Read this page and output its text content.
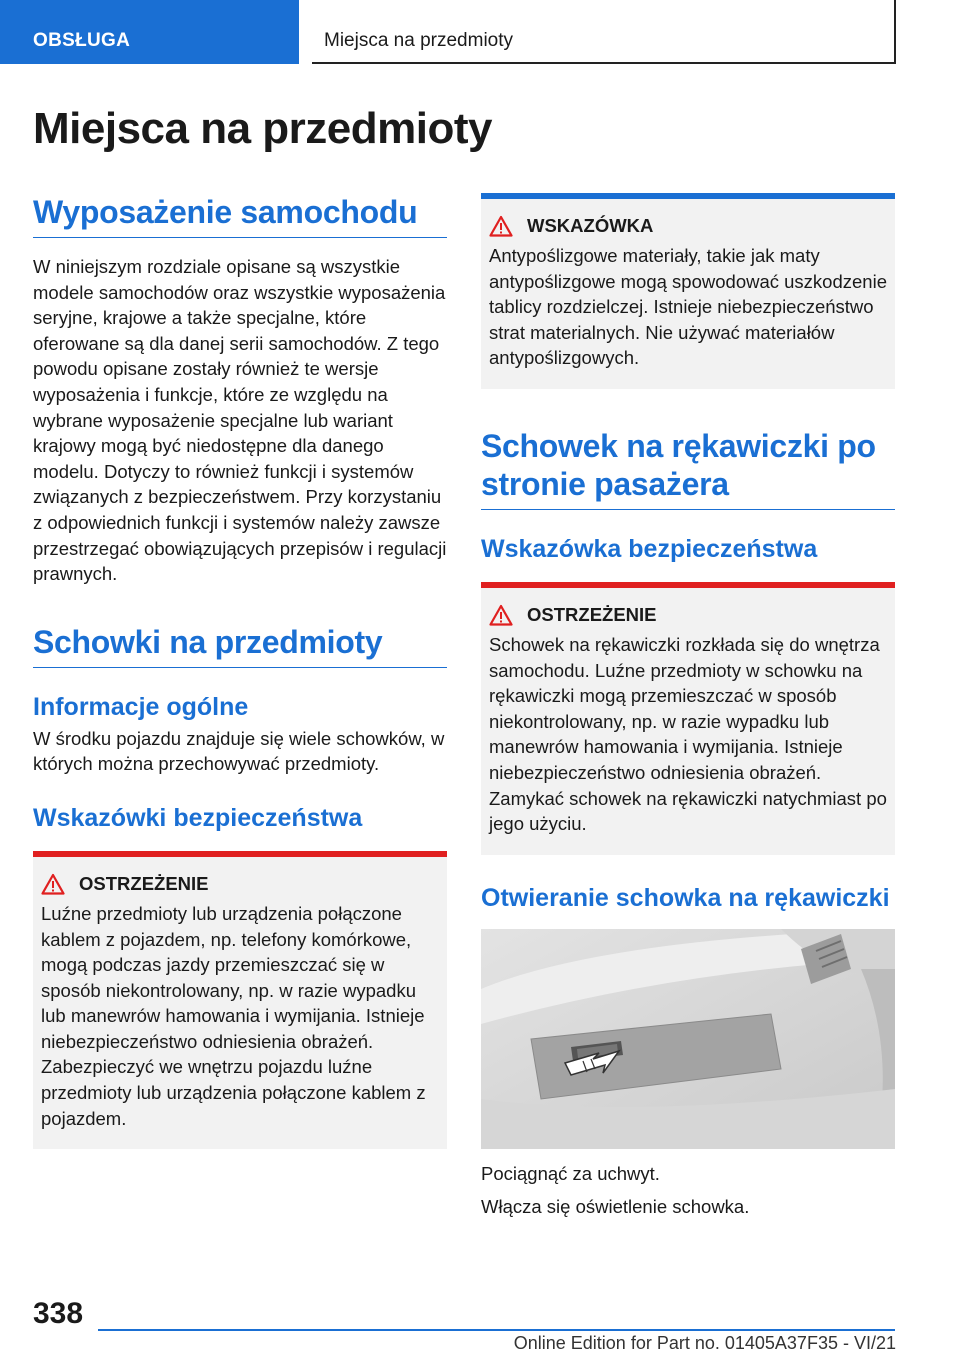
OBSŁUGA	Miejsca na przedmioty
Miejsca na przedmioty
Wyposażenie samochodu

W niniejszym rozdziale opisane są wszystkie modele samochodów oraz wszystkie wyposażenia seryjne, krajowe a także specjalne, które oferowane są dla danej serii samochodów. Z tego powodu opisane zostały również te wersje wyposażenia i funkcje, które ze względu na wybrane wyposażenie specjalne lub wariant krajowy mogą być niedostępne dla danego modelu. Dotyczy to również funkcji i systemów związanych z bezpieczeństwem. Przy korzystaniu z odpowiednich funkcji i systemów należy zawsze przestrzegać obowiązujących przepisów i regulacji prawnych.

Schowki na przedmioty
Informacje ogólne

W środku pojazdu znajduje się wiele schowków, w których można przechowywać przedmioty.

Wskazówki bezpieczeństwa
OSTRZEŻENIE

Luźne przedmioty lub urządzenia połączone kablem z pojazdem, np. telefony komórkowe, mogą podczas jazdy przemieszczać się w sposób niekontrolowany, np. w razie wypadku lub manewrów hamowania i wymijania. Istnieje niebezpieczeństwo odniesienia obrażeń. Zabezpieczyć we wnętrzu pojazdu luźne przedmioty lub urządzenia połączone kablem z pojazdem.

WSKAZÓWKA

Antypoślizgowe materiały, takie jak maty antypoślizgowe mogą spowodować uszkodzenie tablicy rozdzielczej. Istnieje niebezpieczeństwo strat materialnych. Nie używać materiałów antypoślizgowych.

Schowek na rękawiczki po stronie pasażera
Wskazówka bezpieczeństwa
OSTRZEŻENIE

Schowek na rękawiczki rozkłada się do wnętrza samochodu. Luźne przedmioty w schowku na rękawiczki mogą przemieszczać w sposób niekontrolowany, np. w razie wypadku lub manewrów hamowania i wymijania. Istnieje niebezpieczeństwo odniesienia obrażeń. Zamykać schowek na rękawiczki natychmiast po jego użyciu.

Otwieranie schowka na rękawiczki

Pociągnąć za uchwyt.

Włącza się oświetlenie schowka.

338
Online Edition for Part no. 01405A37F35 - VI/21
